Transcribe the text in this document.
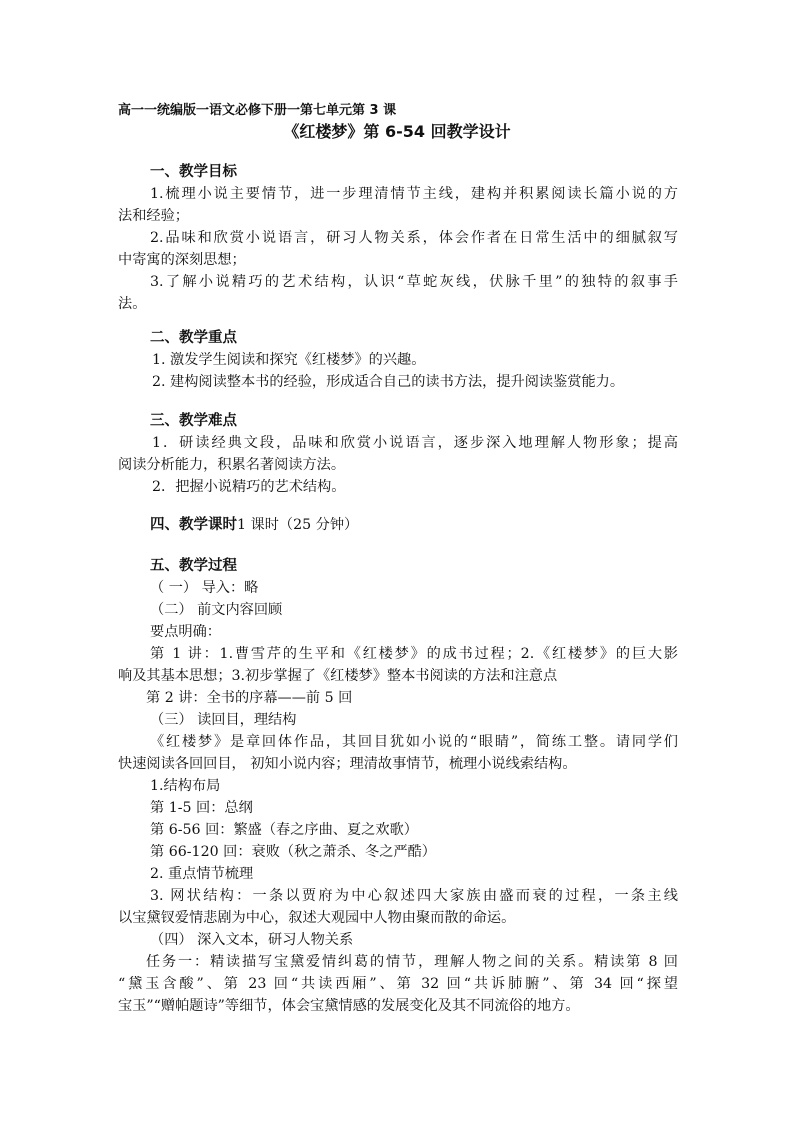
高一一统编版一语文必修下册一第七单元第 3 课
《红楼梦》第 6-54 回教学设计
一、教学目标
1.梳理小说主要情节，进一步理清情节主线，建构并积累阅读长篇小说的方
法和经验；
2.品味和欣赏小说语言，研习人物关系，体会作者在日常生活中的细腻叙写
中寄寓的深刻思想；
3.了解小说精巧的艺术结构，认识“草蛇灰线，伏脉千里”的独特的叙事手
法。
二、教学重点
1. 激发学生阅读和探究《红楼梦》的兴趣。
2. 建构阅读整本书的经验，形成适合自己的读书方法，提升阅读鉴赏能力。
三、教学难点
1．研读经典文段，品味和欣赏小说语言，逐步深入地理解人物形象；提高
阅读分析能力，积累名著阅读方法。
2．把握小说精巧的艺术结构。
四、教学课时1 课时（25 分钟）
五、教学过程
（ 一） 导入：略
（二） 前文内容回顾
要点明确：
第 1 讲：1.曹雪芹的生平和《红楼梦》的成书过程；2.《红楼梦》的巨大影
响及其基本思想；3.初步掌握了《红楼梦》整本书阅读的方法和注意点
第 2 讲：全书的序幕——前 5 回
（三） 读回目，理结构
《红楼梦》是章回体作品，其回目犹如小说的“眼睛”，简练工整。请同学们
快速阅读各回回目， 初知小说内容；理清故事情节，梳理小说线索结构。
1.结构布局
第 1-5 回：总纲
第 6-56 回：繁盛（春之序曲、夏之欢歌）
第 66-120 回：衰败（秋之萧杀、冬之严酷）
2. 重点情节梳理
3. 网状结构：一条以贾府为中心叙述四大家族由盛而衰的过程，一条主线
以宝黛钗爱情悲剧为中心，叙述大观园中人物由聚而散的命运。
（四） 深入文本，研习人物关系
任务一：精读描写宝黛爱情纠葛的情节，理解人物之间的关系。精读第 8 回
“黛玉含酸”、第 23 回“共读西厢”、第 32 回“共诉肺腑”、第 34 回“探望
宝玉”“赠帕题诗”等细节，体会宝黛情感的发展变化及其不同流俗的地方。
